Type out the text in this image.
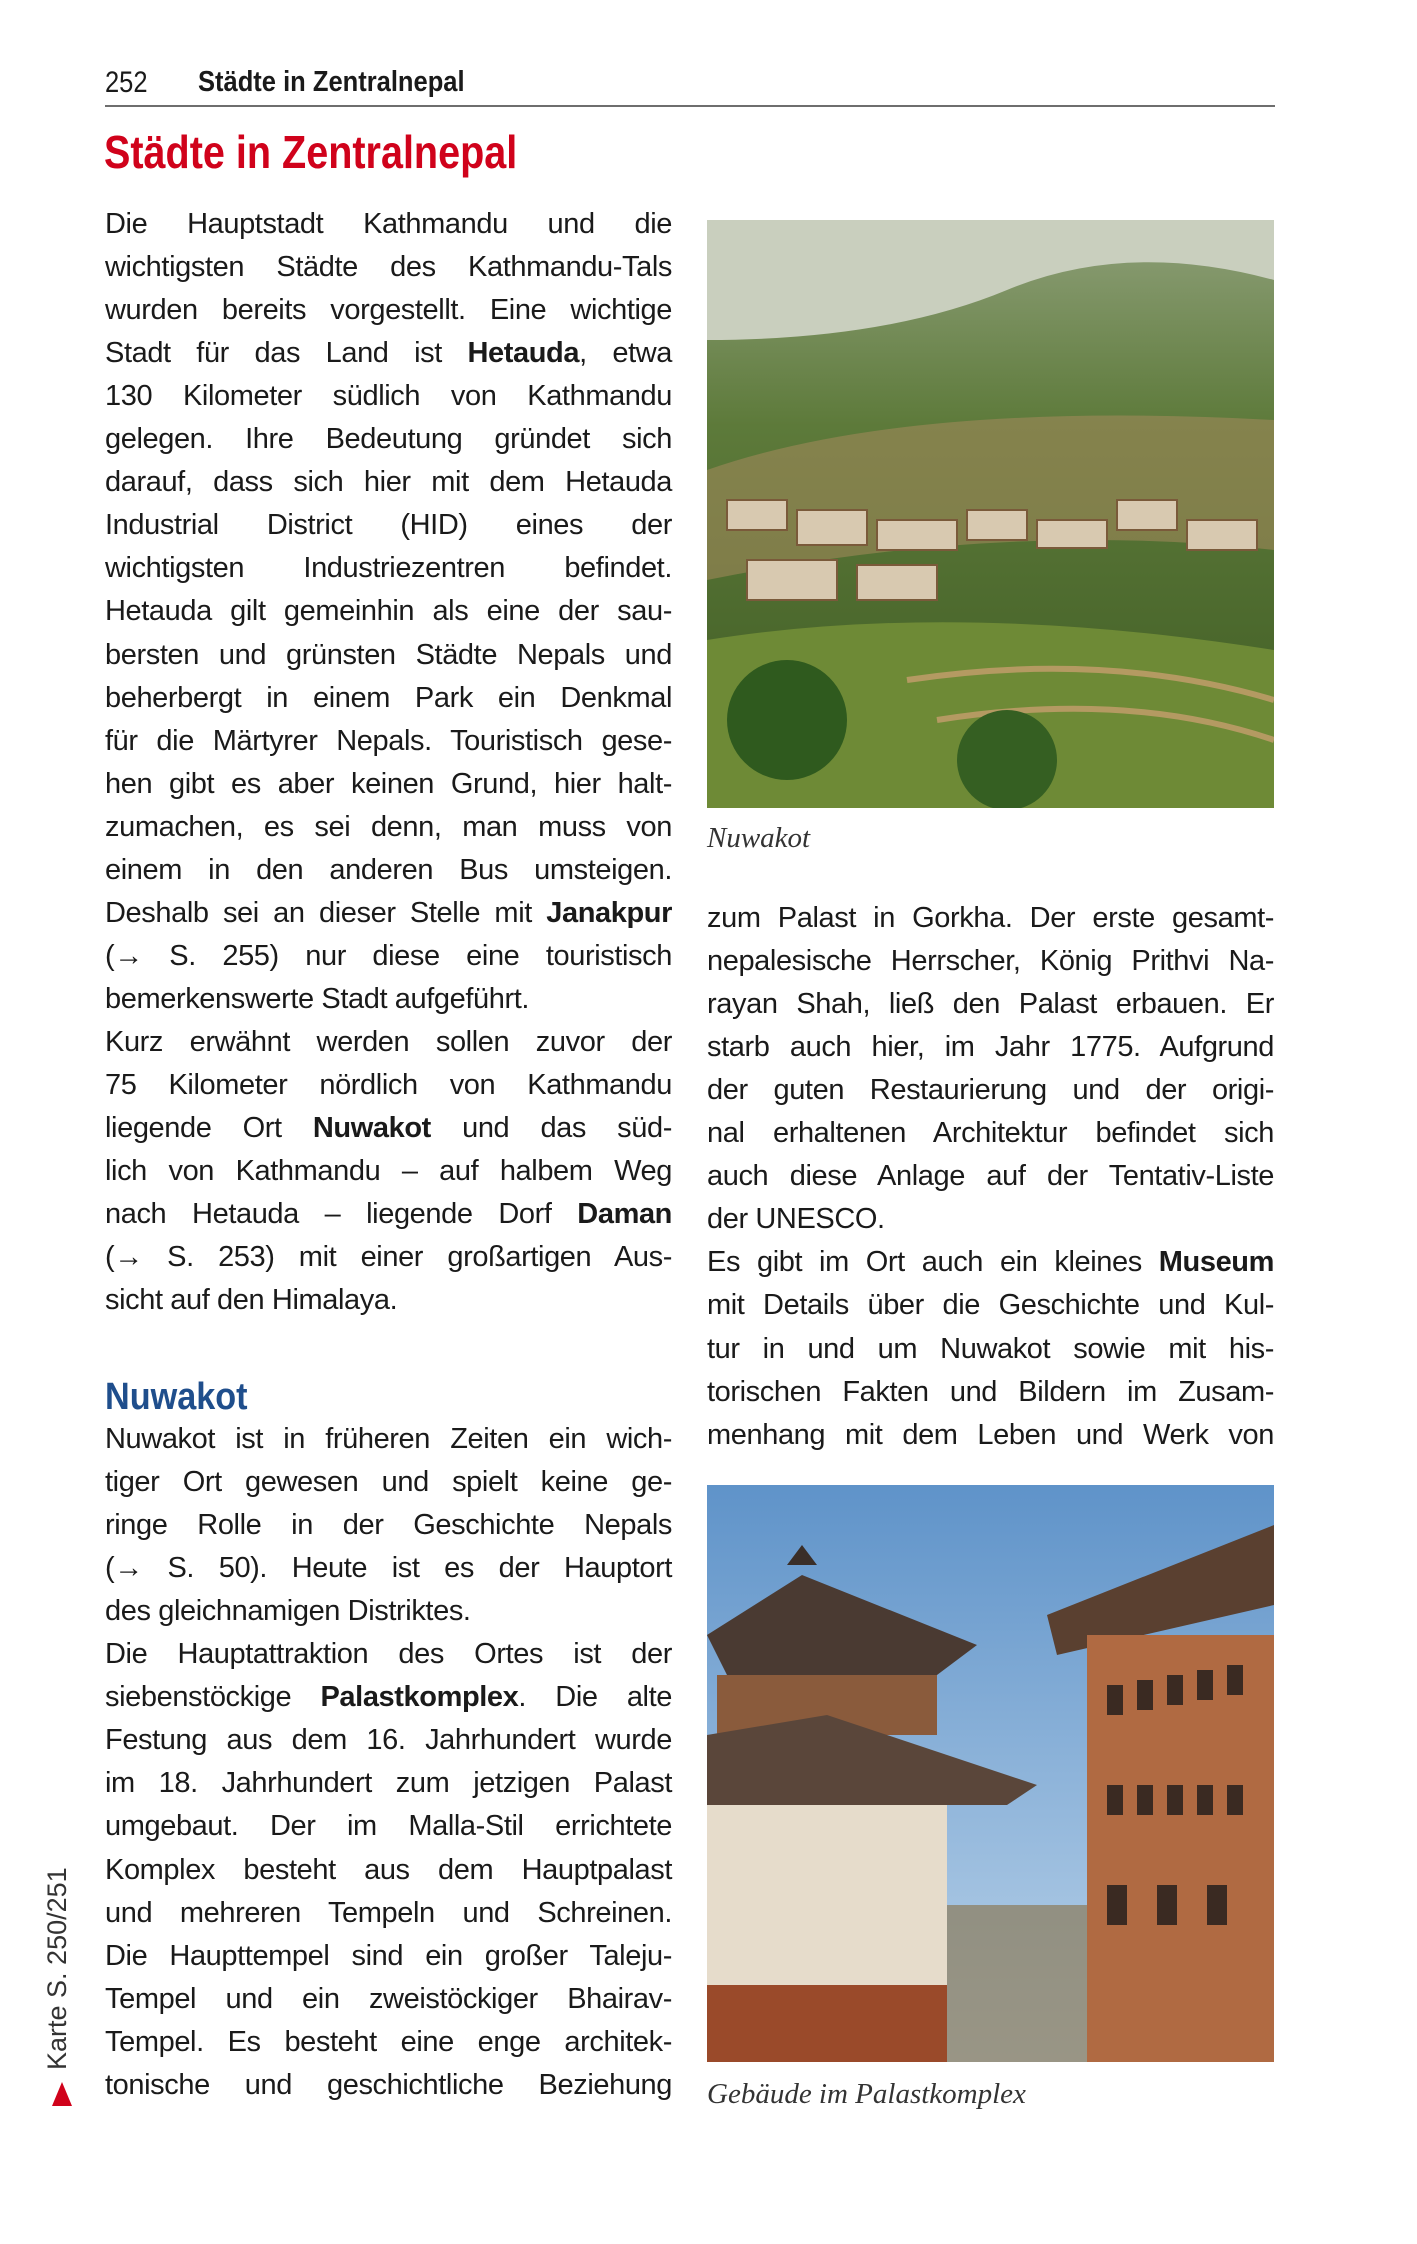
252 Städte in Zentralnepal
Städte in Zentralnepal
Die Hauptstadt Kathmandu und die
wichtigsten Städte des Kathmandu-Tals
wurden bereits vorgestellt. Eine wichtige
Stadt für das Land ist Hetauda, etwa
130 Kilometer südlich von Kathmandu
gelegen. Ihre Bedeutung gründet sich
darauf, dass sich hier mit dem Hetauda
Industrial District (HID) eines der
wichtigsten Industriezentren befindet.
Hetauda gilt gemeinhin als eine der sau-
bersten und grünsten Städte Nepals und
beherbergt in einem Park ein Denkmal
für die Märtyrer Nepals. Touristisch gese-
hen gibt es aber keinen Grund, hier halt-
zumachen, es sei denn, man muss von
einem in den anderen Bus umsteigen.
Deshalb sei an dieser Stelle mit Janakpur
(→ S. 255) nur diese eine touristisch
bemerkenswerte Stadt aufgeführt.
Kurz erwähnt werden sollen zuvor der
75 Kilometer nördlich von Kathmandu
liegende Ort Nuwakot und das süd-
lich von Kathmandu – auf halbem Weg
nach Hetauda – liegende Dorf Daman
(→ S. 253) mit einer großartigen Aus-
sicht auf den Himalaya.
Nuwakot
Nuwakot ist in früheren Zeiten ein wich-
tiger Ort gewesen und spielt keine ge-
ringe Rolle in der Geschichte Nepals
(→ S. 50). Heute ist es der Hauptort
des gleichnamigen Distriktes.
Die Hauptattraktion des Ortes ist der
siebenstöckige Palastkomplex. Die alte
Festung aus dem 16. Jahrhundert wurde
im 18. Jahrhundert zum jetzigen Palast
umgebaut. Der im Malla-Stil errichtete
Komplex besteht aus dem Hauptpalast
und mehreren Tempeln und Schreinen.
Die Haupttempel sind ein großer Taleju-
Tempel und ein zweistöckiger Bhairav-
Tempel. Es besteht eine enge architek-
tonische und geschichtliche Beziehung
zum Palast in Gorkha. Der erste gesamt-
nepalesische Herrscher, König Prithvi Na-
rayan Shah, ließ den Palast erbauen. Er
starb auch hier, im Jahr 1775. Aufgrund
der guten Restaurierung und der origi-
nal erhaltenen Architektur befindet sich
auch diese Anlage auf der Tentativ-Liste
der UNESCO.
Es gibt im Ort auch ein kleines Museum
mit Details über die Geschichte und Kul-
tur in und um Nuwakot sowie mit his-
torischen Fakten und Bildern im Zusam-
menhang mit dem Leben und Werk von
Nuwakot
Gebäude im Palastkomplex
Karte S. 250/251
